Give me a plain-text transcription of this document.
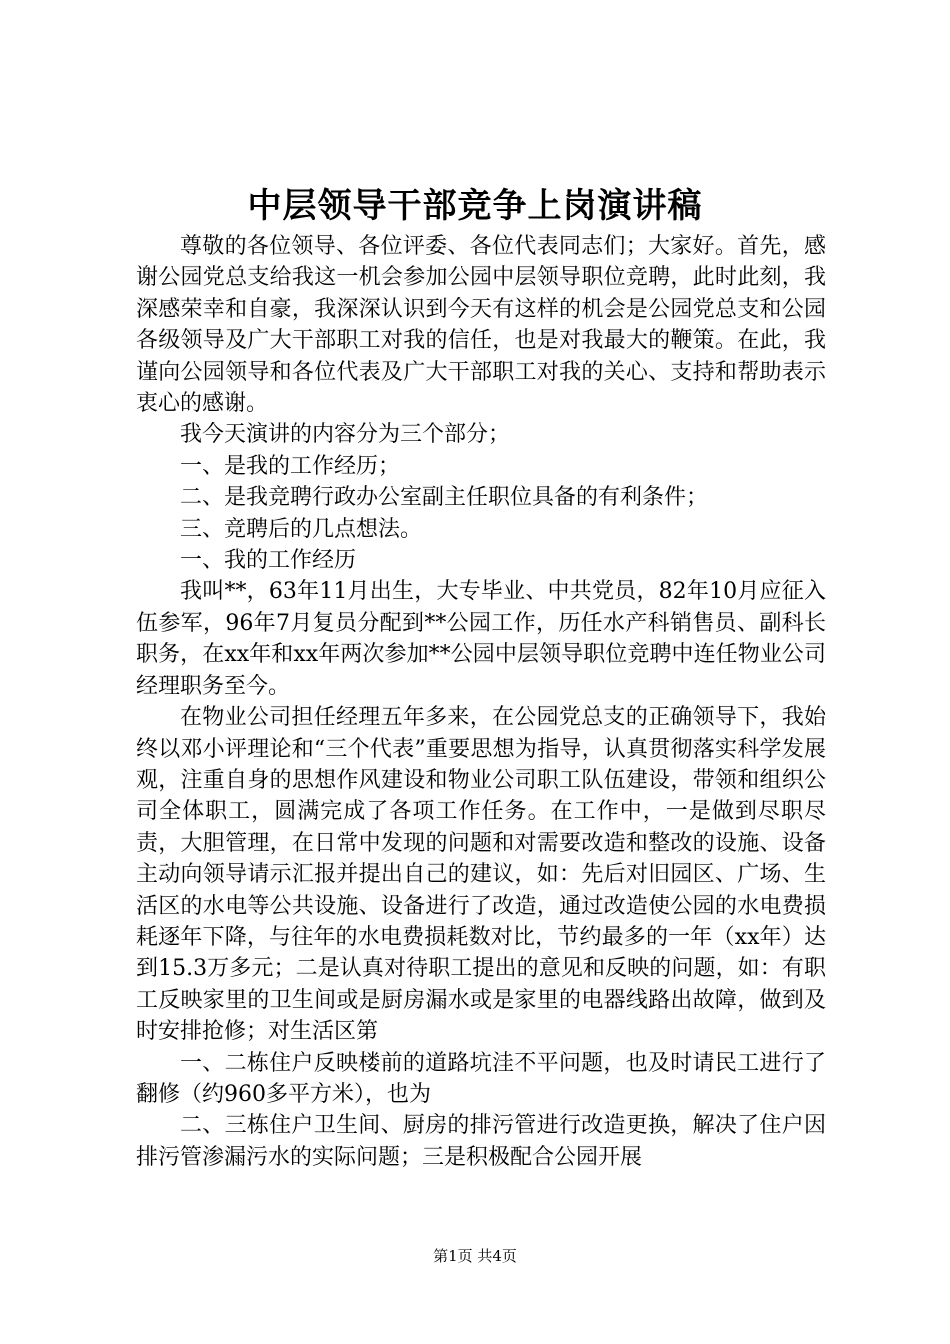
中层领导干部竞争上岗演讲稿

尊敬的各位领导、各位评委、各位代表同志们；大家好。首先，感谢公园党总支给我这一机会参加公园中层领导职位竞聘，此时此刻，我深感荣幸和自豪，我深深认识到今天有这样的机会是公园党总支和公园各级领导及广大干部职工对我的信任，也是对我最大的鞭策。在此，我谨向公园领导和各位代表及广大干部职工对我的关心、支持和帮助表示衷心的感谢。

我今天演讲的内容分为三个部分；

一、是我的工作经历；

二、是我竞聘行政办公室副主任职位具备的有利条件；

三、竞聘后的几点想法。

一、我的工作经历

我叫**，63年11月出生，大专毕业、中共党员，82年10月应征入伍参军，96年7月复员分配到**公园工作，历任水产科销售员、副科长职务，在xx年和xx年两次参加**公园中层领导职位竞聘中连任物业公司经理职务至今。

在物业公司担任经理五年多来，在公园党总支的正确领导下，我始终以邓小评理论和“三个代表”重要思想为指导，认真贯彻落实科学发展观，注重自身的思想作风建设和物业公司职工队伍建设，带领和组织公司全体职工，圆满完成了各项工作任务。在工作中，一是做到尽职尽责，大胆管理，在日常中发现的问题和对需要改造和整改的设施、设备主动向领导请示汇报并提出自己的建议，如：先后对旧园区、广场、生活区的水电等公共设施、设备进行了改造，通过改造使公园的水电费损耗逐年下降，与往年的水电费损耗数对比，节约最多的一年（xx年）达到15.3万多元；二是认真对待职工提出的意见和反映的问题，如：有职工反映家里的卫生间或是厨房漏水或是家里的电器线路出故障，做到及时安排抢修；对生活区第

一、二栋住户反映楼前的道路坑洼不平问题，也及时请民工进行了翻修（约960多平方米），也为

二、三栋住户卫生间、厨房的排污管进行改造更换，解决了住户因排污管渗漏污水的实际问题；三是积极配合公园开展

第1页 共4页
